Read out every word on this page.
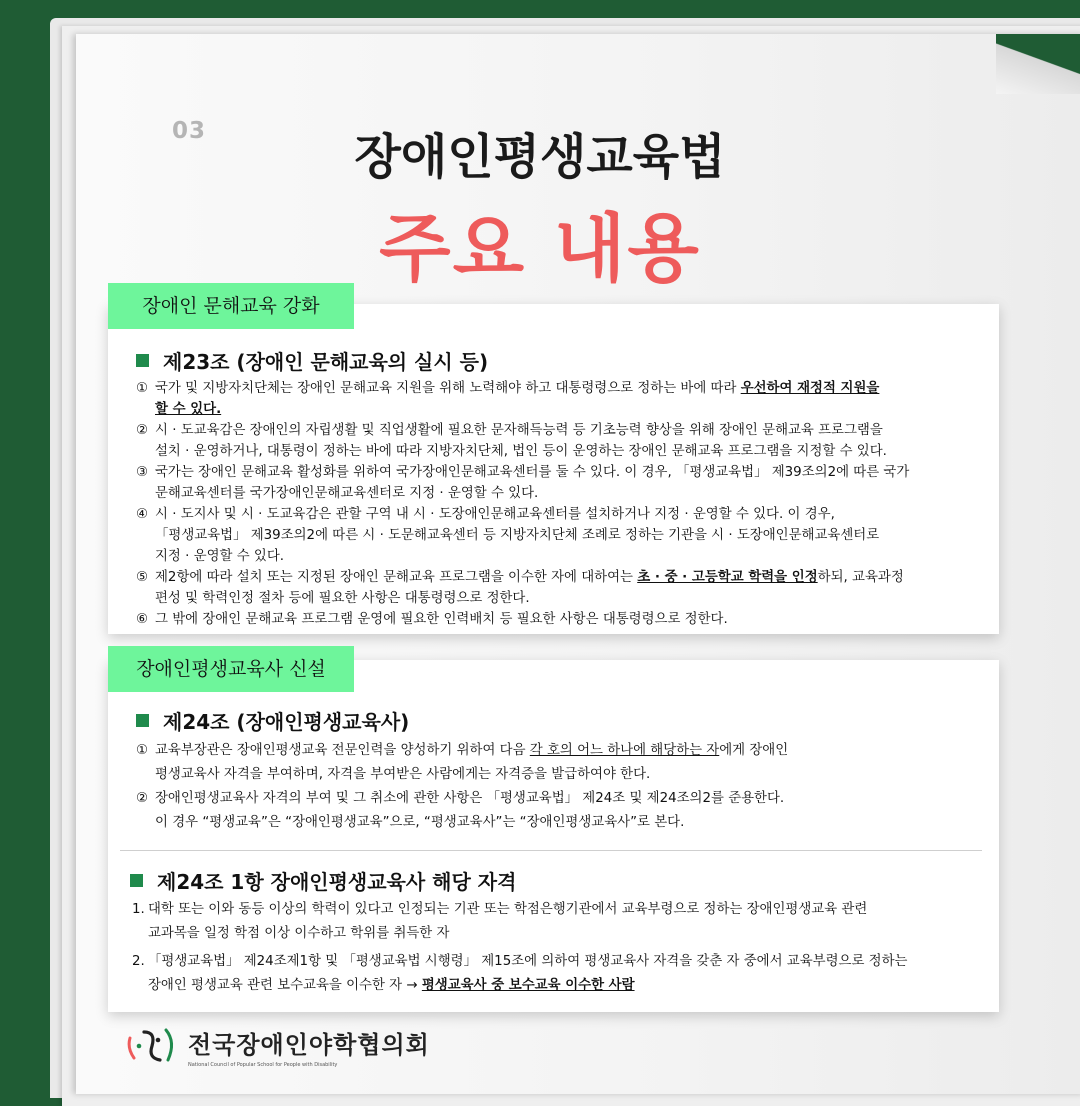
03	장애인평생교육법
주요 내용
장애인 문해교육 강화
제23조 (장애인 문해교육의 실시 등)
① 국가 및 지방자치단체는 장애인 문해교육 지원을 위해 노력해야 하고 대통령령으로 정하는 바에 따라 우선하여 재정적 지원을
할 수 있다.
② 시 · 도교육감은 장애인의 자립생활 및 직업생활에 필요한 문자해득능력 등 기초능력 향상을 위해 장애인 문해교육 프로그램을
설치 · 운영하거나, 대통령이 정하는 바에 따라 지방자치단체, 법인 등이 운영하는 장애인 문해교육 프로그램을 지정할 수 있다.
③ 국가는 장애인 문해교육 활성화를 위하여 국가장애인문해교육센터를 둘 수 있다. 이 경우, 「평생교육법」 제39조의2에 따른 국가
문해교육센터를 국가장애인문해교육센터로 지정 · 운영할 수 있다.
④ 시 · 도지사 및 시 · 도교육감은 관할 구역 내 시 · 도장애인문해교육센터를 설치하거나 지정 · 운영할 수 있다. 이 경우,
「평생교육법」 제39조의2에 따른 시 · 도문해교육센터 등 지방자치단체 조례로 정하는 기관을 시 · 도장애인문해교육센터로
지정 · 운영할 수 있다.
⑤ 제2항에 따라 설치 또는 지정된 장애인 문해교육 프로그램을 이수한 자에 대하여는 초 · 중 · 고등학교 학력을 인정하되, 교육과정
편성 및 학력인정 절차 등에 필요한 사항은 대통령령으로 정한다.
⑥ 그 밖에 장애인 문해교육 프로그램 운영에 필요한 인력배치 등 필요한 사항은 대통령령으로 정한다.
장애인평생교육사 신설
제24조 (장애인평생교육사)
① 교육부장관은 장애인평생교육 전문인력을 양성하기 위하여 다음 각 호의 어느 하나에 해당하는 자에게 장애인
평생교육사 자격을 부여하며, 자격을 부여받은 사람에게는 자격증을 발급하여야 한다.
② 장애인평생교육사 자격의 부여 및 그 취소에 관한 사항은 「평생교육법」 제24조 및 제24조의2를 준용한다.
이 경우 “평생교육”은 “장애인평생교육”으로, “평생교육사”는 “장애인평생교육사”로 본다.
제24조 1항 장애인평생교육사 해당 자격
1. 대학 또는 이와 동등 이상의 학력이 있다고 인정되는 기관 또는 학점은행기관에서 교육부령으로 정하는 장애인평생교육 관련
교과목을 일정 학점 이상 이수하고 학위를 취득한 자
2. 「평생교육법」 제24조제1항 및 「평생교육법 시행령」 제15조에 의하여 평생교육사 자격을 갖춘 자 중에서 교육부령으로 정하는
장애인 평생교육 관련 보수교육을 이수한 자 → 평생교육사 중 보수교육 이수한 사람
전국장애인야학협의회
National Council of Popular School for People with Disability
